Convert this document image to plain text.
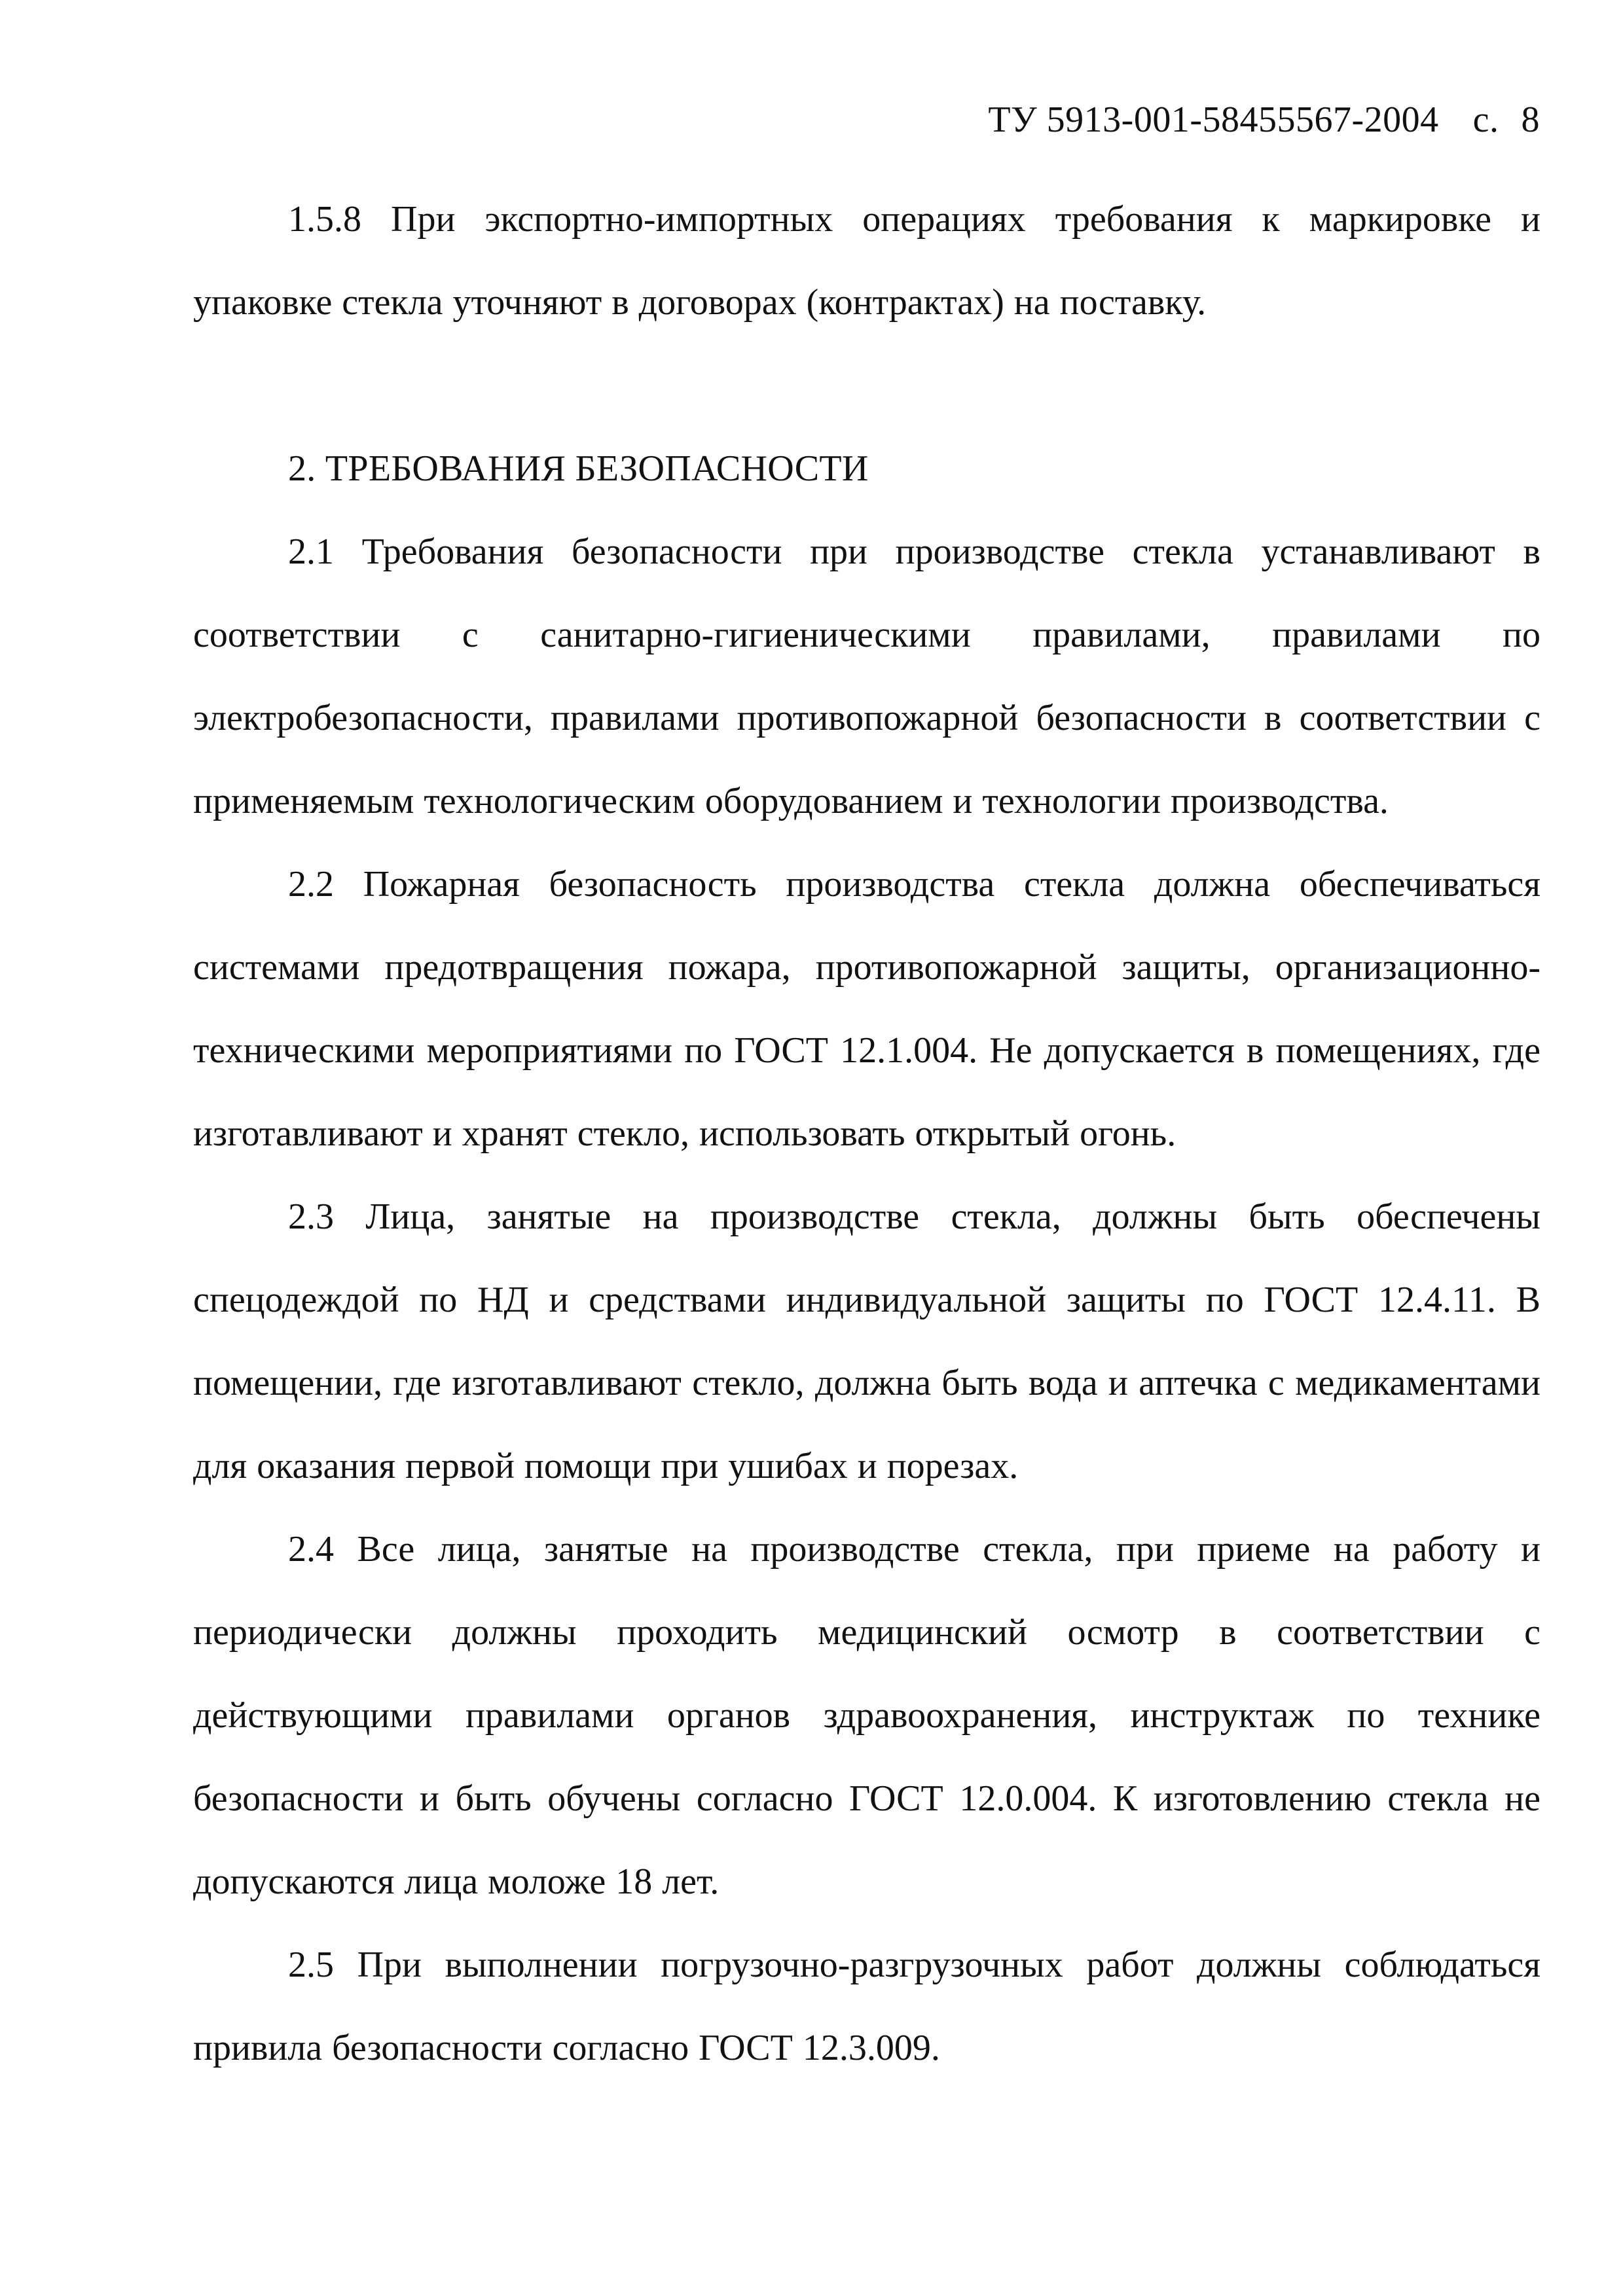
ТУ 5913-001-58455567-2004 с. 8

1.5.8 При экспортно-импортных операциях требования к маркировке и упаковке стекла уточняют в договорах (контрактах) на поставку.

2. ТРЕБОВАНИЯ БЕЗОПАСНОСТИ

2.1 Требования безопасности при производстве стекла устанавливают в соответствии с санитарно-гигиеническими правилами, правилами по электробезопасности, правилами противопожарной безопасности в соответствии с применяемым технологическим оборудованием и технологии производства.

2.2 Пожарная безопасность производства стекла должна обеспечиваться системами предотвращения пожара, противопожарной защиты, организационно-техническими мероприятиями по ГОСТ 12.1.004. Не допускается в помещениях, где изготавливают и хранят стекло, использовать открытый огонь.

2.3 Лица, занятые на производстве стекла, должны быть обеспечены спецодеждой по НД и средствами индивидуальной защиты по ГОСТ 12.4.11. В помещении, где изготавливают стекло, должна быть вода и аптечка с медикаментами для оказания первой помощи при ушибах и порезах.

2.4 Все лица, занятые на производстве стекла, при приеме на работу и периодически должны проходить медицинский осмотр в соответствии с действующими правилами органов здравоохранения, инструктаж по технике безопасности и быть обучены согласно ГОСТ 12.0.004. К изготовлению стекла не допускаются лица моложе 18 лет.

2.5 При выполнении погрузочно-разгрузочных работ должны соблюдаться привила безопасности согласно ГОСТ 12.3.009.
